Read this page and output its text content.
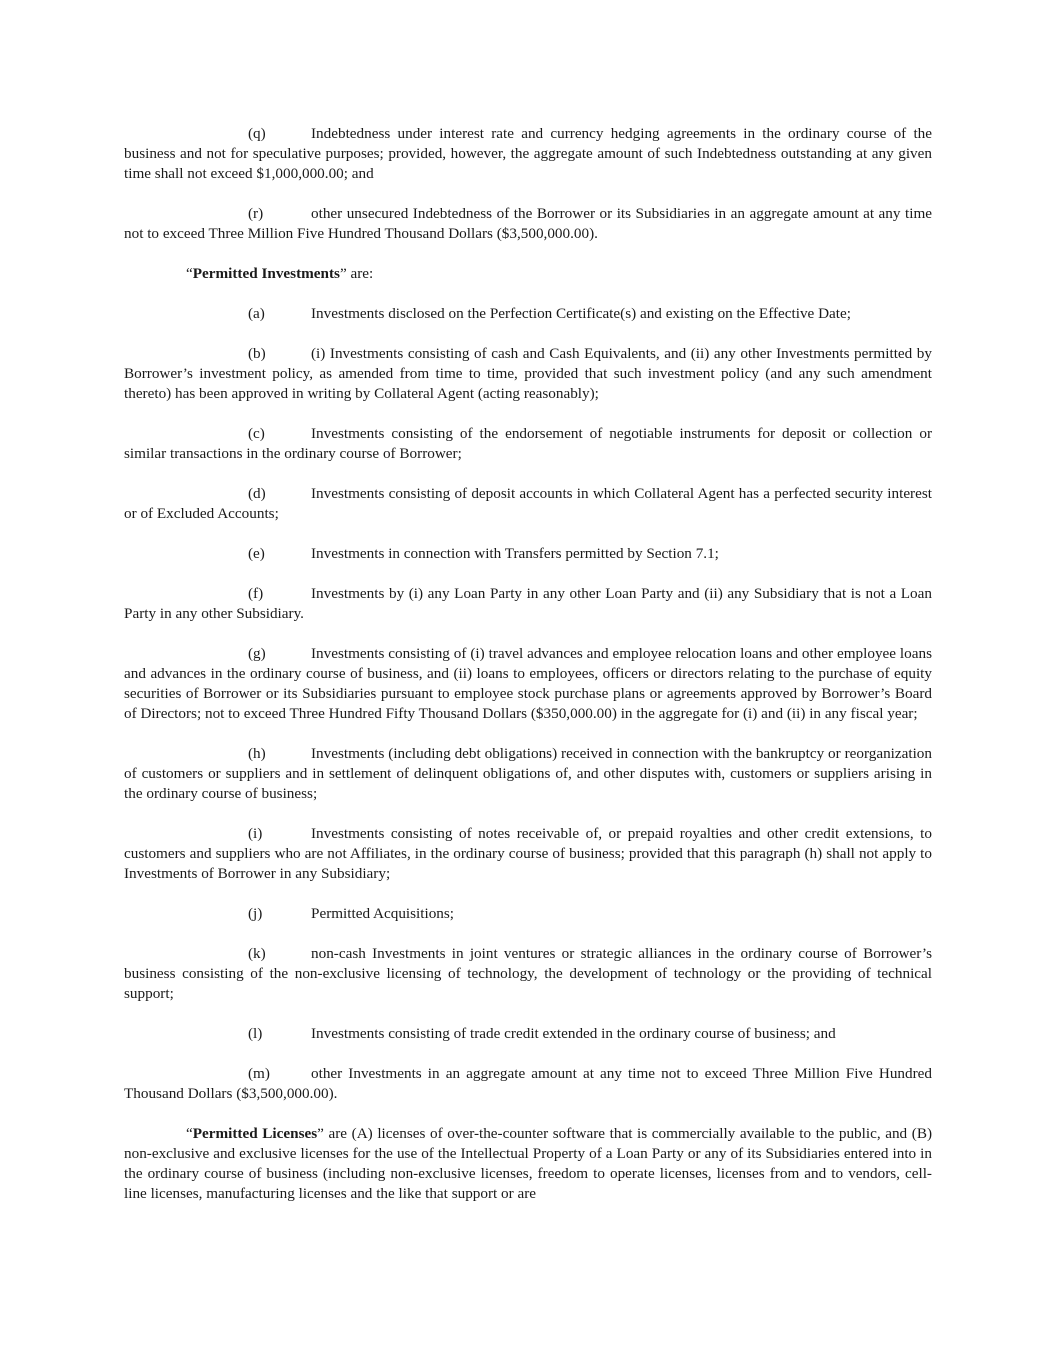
(q)	Indebtedness under interest rate and currency hedging agreements in the ordinary course of the business and not for speculative purposes; provided, however, the aggregate amount of such Indebtedness outstanding at any given time shall not exceed $1,000,000.00; and

(r)	other unsecured Indebtedness of the Borrower or its Subsidiaries in an aggregate amount at any time not to exceed Three Million Five Hundred Thousand Dollars ($3,500,000.00).

“Permitted Investments” are:

(a)	Investments disclosed on the Perfection Certificate(s) and existing on the Effective Date;

(b)	(i) Investments consisting of cash and Cash Equivalents, and (ii) any other Investments permitted by Borrower’s investment policy, as amended from time to time, provided that such investment policy (and any such amendment thereto) has been approved in writing by Collateral Agent (acting reasonably);

(c)	Investments consisting of the endorsement of negotiable instruments for deposit or collection or similar transactions in the ordinary course of Borrower;

(d)	Investments consisting of deposit accounts in which Collateral Agent has a perfected security interest or of Excluded Accounts;

(e)	Investments in connection with Transfers permitted by Section 7.1;

(f)	Investments by (i) any Loan Party in any other Loan Party and (ii) any Subsidiary that is not a Loan Party in any other Subsidiary.

(g)	Investments consisting of (i) travel advances and employee relocation loans and other employee loans and advances in the ordinary course of business, and (ii) loans to employees, officers or directors relating to the purchase of equity securities of Borrower or its Subsidiaries pursuant to employee stock purchase plans or agreements approved by Borrower’s Board of Directors; not to exceed Three Hundred Fifty Thousand Dollars ($350,000.00) in the aggregate for (i) and (ii) in any fiscal year;

(h)	Investments (including debt obligations) received in connection with the bankruptcy or reorganization of customers or suppliers and in settlement of delinquent obligations of, and other disputes with, customers or suppliers arising in the ordinary course of business;

(i)	Investments consisting of notes receivable of, or prepaid royalties and other credit extensions, to customers and suppliers who are not Affiliates, in the ordinary course of business; provided that this paragraph (h) shall not apply to Investments of Borrower in any Subsidiary;

(j)	Permitted Acquisitions;

(k)	non-cash Investments in joint ventures or strategic alliances in the ordinary course of Borrower’s business consisting of the non-exclusive licensing of technology, the development of technology or the providing of technical support;

(l)	Investments consisting of trade credit extended in the ordinary course of business; and

(m)	other Investments in an aggregate amount at any time not to exceed Three Million Five Hundred Thousand Dollars ($3,500,000.00).

“Permitted Licenses” are (A) licenses of over-the-counter software that is commercially available to the public, and (B) non-exclusive and exclusive licenses for the use of the Intellectual Property of a Loan Party or any of its Subsidiaries entered into in the ordinary course of business (including non-exclusive licenses, freedom to operate licenses, licenses from and to vendors, cell-line licenses, manufacturing licenses and the like that support or are
